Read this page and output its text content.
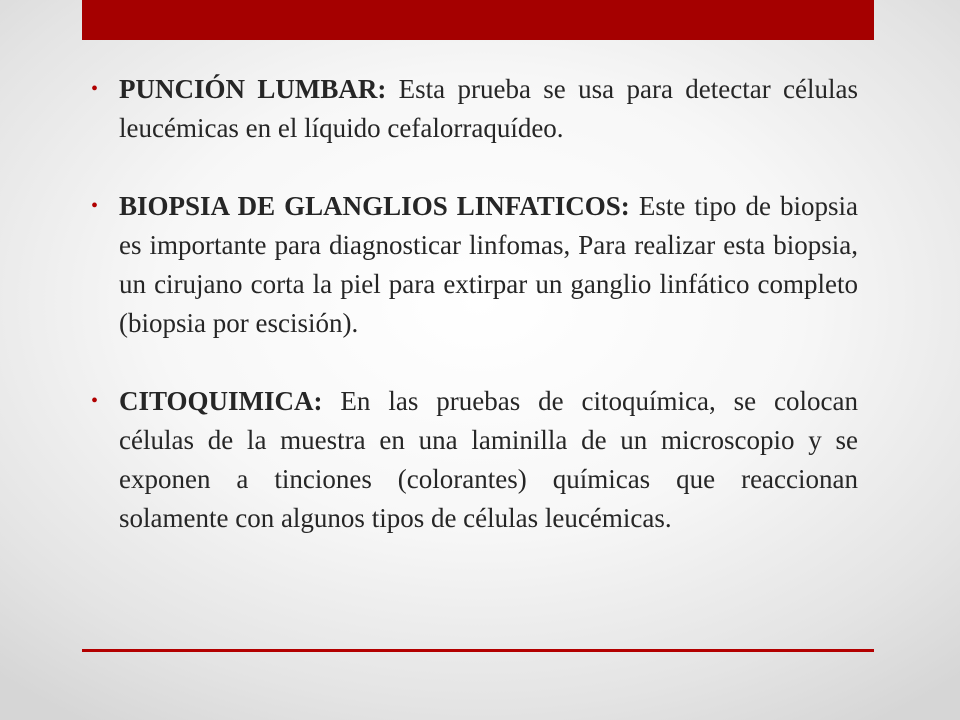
• PUNCIÓN LUMBAR: Esta prueba se usa para detectar células leucémicas en el líquido cefalorraquídeo.
• BIOPSIA DE GLANGLIOS LINFATICOS: Este tipo de biopsia es importante para diagnosticar linfomas, Para realizar esta biopsia, un cirujano corta la piel para extirpar un ganglio linfático completo (biopsia por escisión).
• CITOQUIMICA: En las pruebas de citoquímica, se colocan células de la muestra en una laminilla de un microscopio y se exponen a tinciones (colorantes) químicas que reaccionan solamente con algunos tipos de células leucémicas.
